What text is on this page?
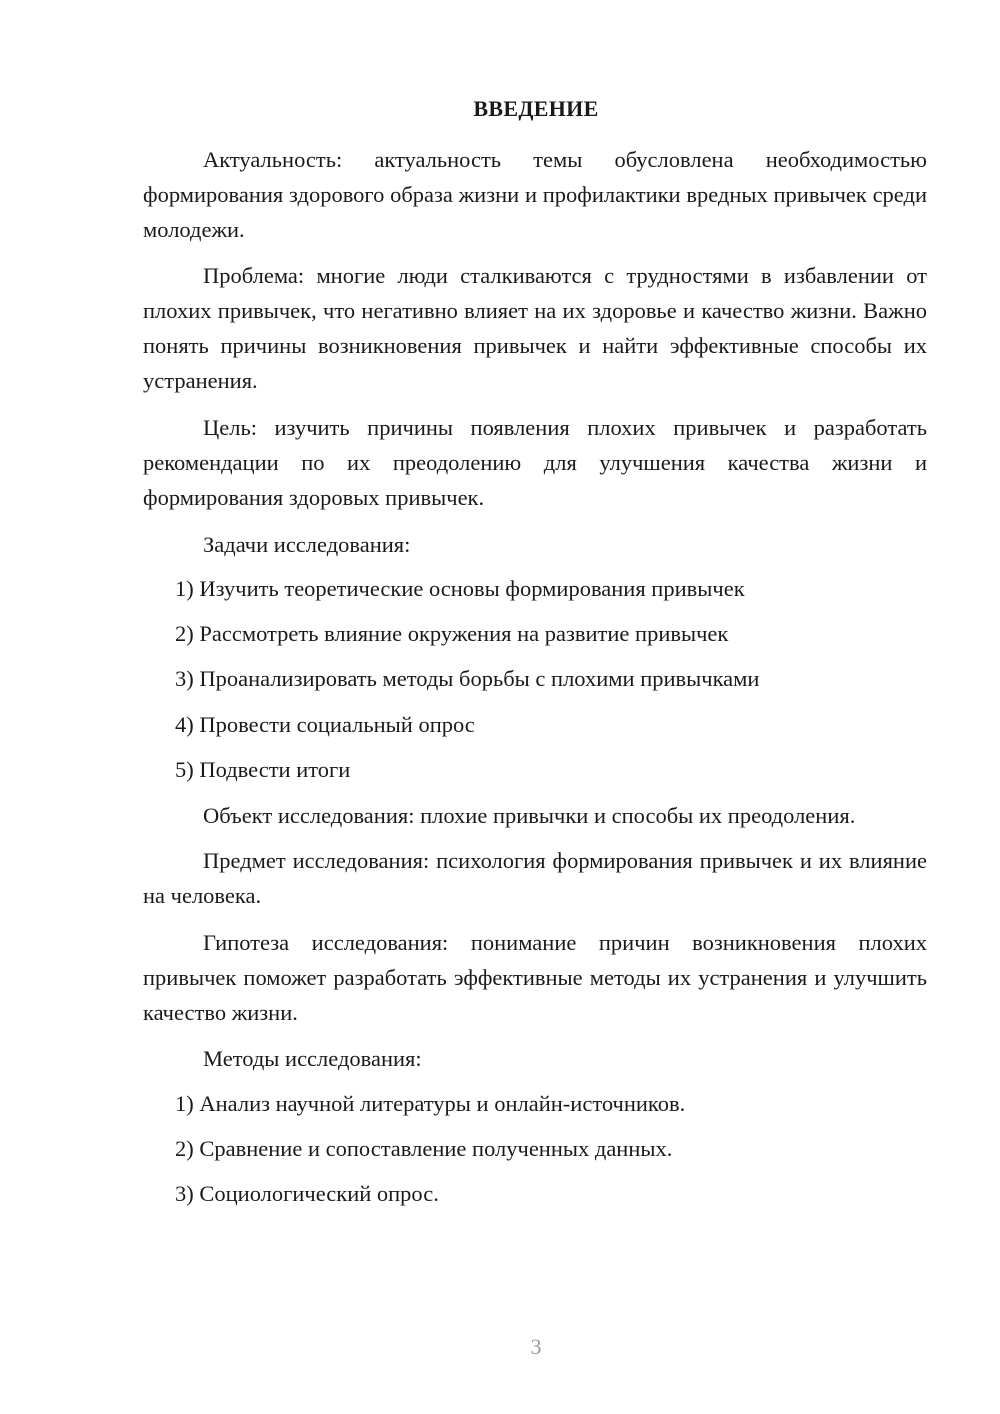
ВВЕДЕНИЕ

Актуальность: актуальность темы обусловлена необходимостью формирования здорового образа жизни и профилактики вредных привычек среди молодежи.

Проблема: многие люди сталкиваются с трудностями в избавлении от плохих привычек, что негативно влияет на их здоровье и качество жизни. Важно понять причины возникновения привычек и найти эффективные способы их устранения.

Цель: изучить причины появления плохих привычек и разработать рекомендации по их преодолению для улучшения качества жизни и формирования здоровых привычек.

Задачи исследования:
1) Изучить теоретические основы формирования привычек
2) Рассмотреть влияние окружения на развитие привычек
3) Проанализировать методы борьбы с плохими привычками
4) Провести социальный опрос
5) Подвести итоги
Объект исследования: плохие привычки и способы их преодоления.

Предмет исследования: психология формирования привычек и их влияние на человека.

Гипотеза исследования: понимание причин возникновения плохих привычек поможет разработать эффективные методы их устранения и улучшить качество жизни.

Методы исследования:
1) Анализ научной литературы и онлайн-источников.
2) Сравнение и сопоставление полученных данных.
3) Социологический опрос.
3
